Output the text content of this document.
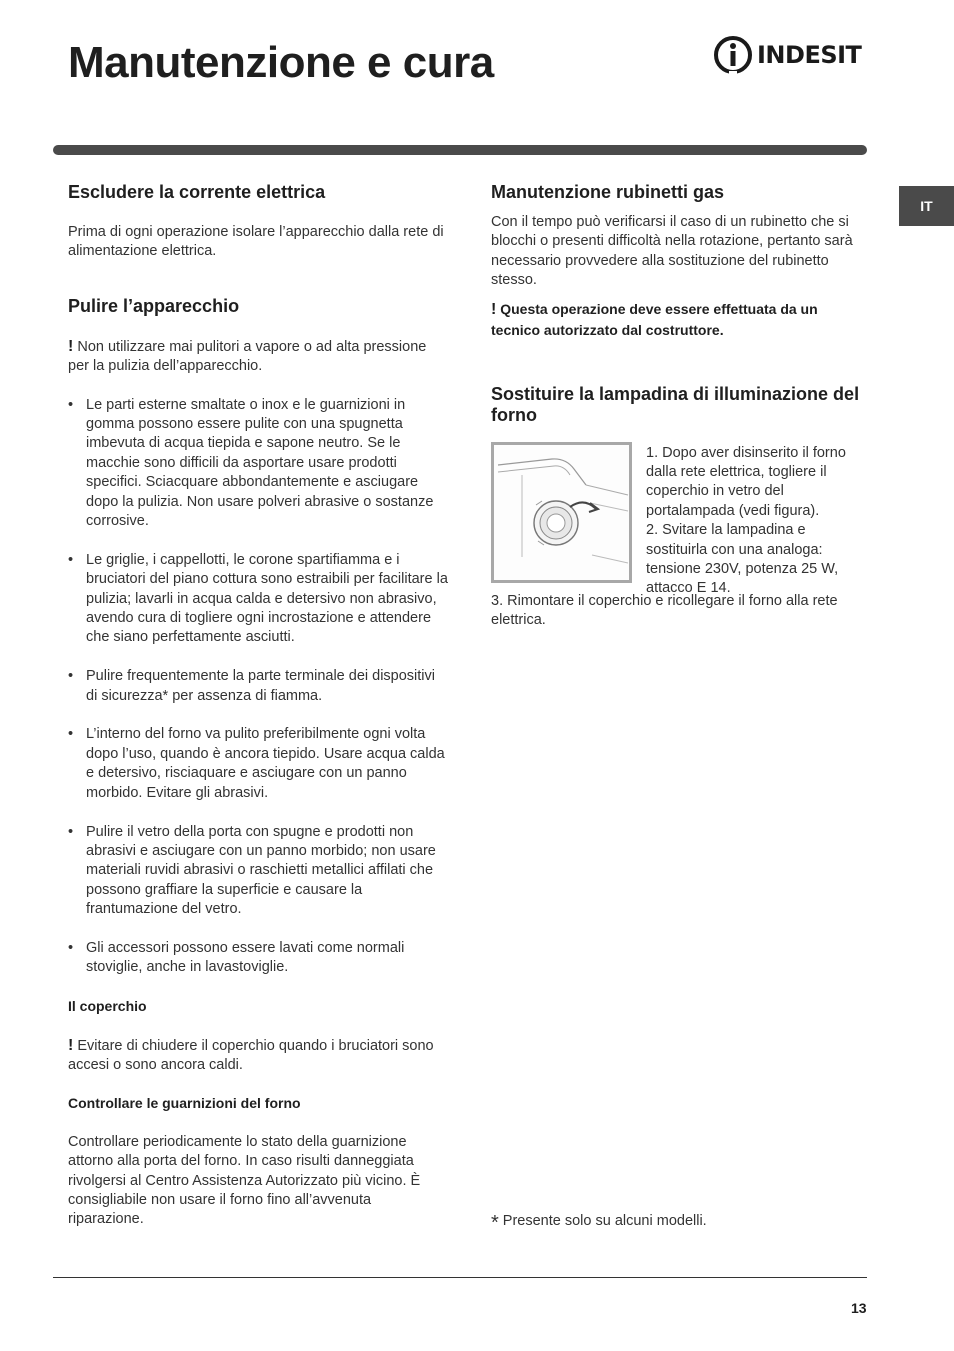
Manutenzione e cura	INDESIT
IT
Escludere la corrente elettrica

Prima di ogni operazione isolare l’apparecchio dalla rete di alimentazione elettrica.

Pulire l’apparecchio

! Non utilizzare mai pulitori a vapore o ad alta pressione per la pulizia dell’apparecchio.

• Le parti esterne smaltate o inox e le guarnizioni in gomma possono essere pulite con una spugnetta imbevuta di acqua tiepida e sapone neutro. Se le macchie sono difficili da asportare usare prodotti specifici. Sciacquare abbondantemente e asciugare dopo la pulizia. Non usare polveri abrasive o sostanze corrosive.
• Le griglie, i cappellotti, le corone spartifiamma e i bruciatori del piano cottura sono estraibili per facilitare la pulizia; lavarli in acqua calda e detersivo non abrasivo, avendo cura di togliere ogni incrostazione e attendere che siano perfettamente asciutti.
• Pulire frequentemente la parte terminale dei dispositivi di sicurezza* per assenza di fiamma.
• L’interno del forno va pulito preferibilmente ogni volta dopo l’uso, quando è ancora tiepido. Usare acqua calda e detersivo, risciaquare e asciugare con un panno morbido. Evitare gli abrasivi.
• Pulire il vetro della porta con spugne e prodotti non abrasivi e asciugare con un panno morbido; non usare materiali ruvidi abrasivi o raschietti metallici affilati che possono graffiare la superficie e causare la frantumazione del vetro.
• Gli accessori possono essere lavati come normali stoviglie, anche in lavastoviglie.
Il coperchio

! Evitare di chiudere il coperchio quando i bruciatori sono accesi o sono ancora caldi.

Controllare le guarnizioni del forno

Controllare periodicamente lo stato della guarnizione attorno alla porta del forno. In caso risulti danneggiata rivolgersi al Centro Assistenza Autorizzato più vicino. È consigliabile non usare il forno fino all’avvenuta riparazione.

Manutenzione rubinetti gas

Con il tempo può verificarsi il caso di un rubinetto che si blocchi o presenti difficoltà nella rotazione, pertanto sarà necessario provvedere alla sostituzione del rubinetto stesso.

! Questa operazione deve essere effettuata da un tecnico autorizzato dal costruttore.

Sostituire la lampadina di illuminazione del forno

1. Dopo aver disinserito il forno dalla rete elettrica, togliere il coperchio in vetro del portalampada (vedi figura).

2. Svitare la lampadina e sostituirla con una analoga: tensione 230V, potenza 25 W, attacco E 14.

3. Rimontare il coperchio e ricollegare il forno alla rete elettrica.

* Presente solo su alcuni modelli.
13
